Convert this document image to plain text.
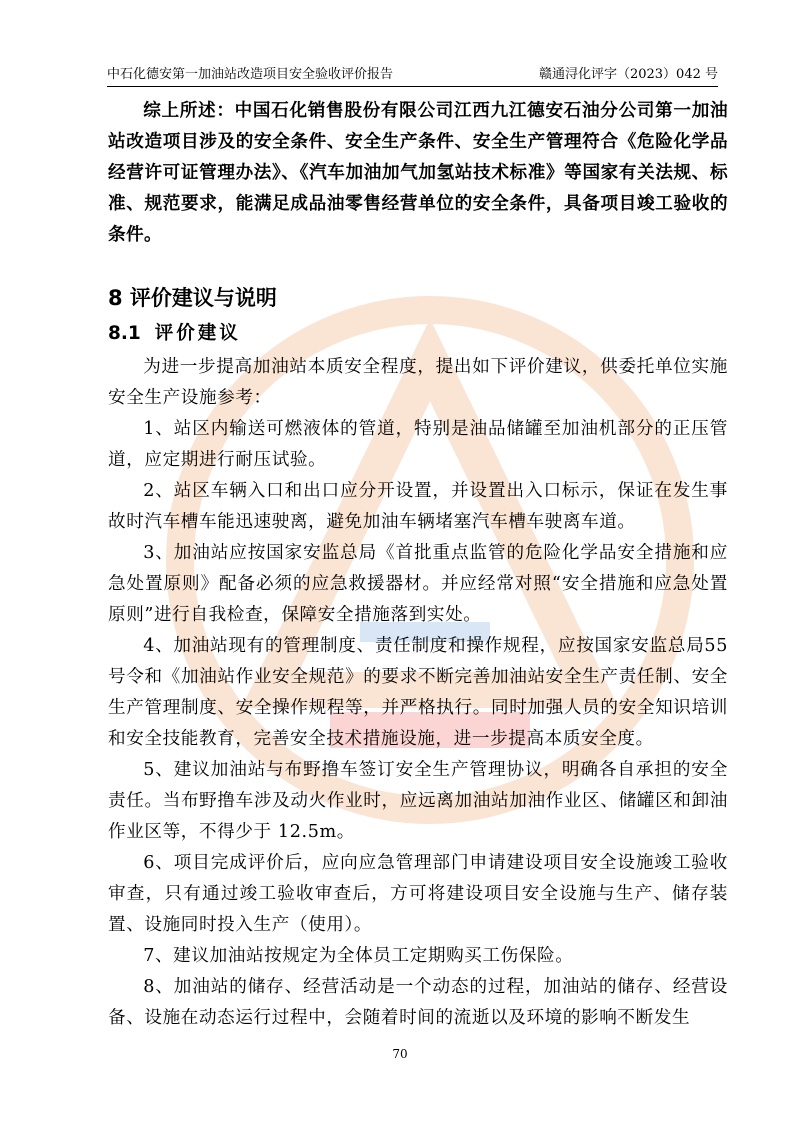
中石化德安第一加油站改造项目安全验收评价报告	赣通浔化评字（2023）042 号

综上所述：中国石化销售股份有限公司江西九江德安石油分公司第一加油站改造项目涉及的安全条件、安全生产条件、安全生产管理符合《危险化学品经营许可证管理办法》、《汽车加油加气加氢站技术标准》等国家有关法规、标准、规范要求，能满足成品油零售经营单位的安全条件，具备项目竣工验收的条件。

8 评价建议与说明
8.1 评价建议

为进一步提高加油站本质安全程度，提出如下评价建议，供委托单位实施安全生产设施参考：

1、站区内输送可燃液体的管道，特别是油品储罐至加油机部分的正压管道，应定期进行耐压试验。

2、站区车辆入口和出口应分开设置，并设置出入口标示，保证在发生事故时汽车槽车能迅速驶离，避免加油车辆堵塞汽车槽车驶离车道。

3、加油站应按国家安监总局《首批重点监管的危险化学品安全措施和应急处置原则》配备必须的应急救援器材。并应经常对照“安全措施和应急处置原则”进行自我检查，保障安全措施落到实处。

4、加油站现有的管理制度、责任制度和操作规程，应按国家安监总局55 号令和《加油站作业安全规范》的要求不断完善加油站安全生产责任制、安全生产管理制度、安全操作规程等，并严格执行。同时加强人员的安全知识培训和安全技能教育，完善安全技术措施设施，进一步提高本质安全度。

5、建议加油站与布野撸车签订安全生产管理协议，明确各自承担的安全责任。当布野撸车涉及动火作业时，应远离加油站加油作业区、储罐区和卸油作业区等，不得少于 12.5m。

6、项目完成评价后，应向应急管理部门申请建设项目安全设施竣工验收审查，只有通过竣工验收审查后，方可将建设项目安全设施与生产、储存装置、设施同时投入生产（使用）。

7、建议加油站按规定为全体员工定期购买工伤保险。

8、加油站的储存、经营活动是一个动态的过程，加油站的储存、经营设备、设施在动态运行过程中，会随着时间的流逝以及环境的影响不断发生

70
